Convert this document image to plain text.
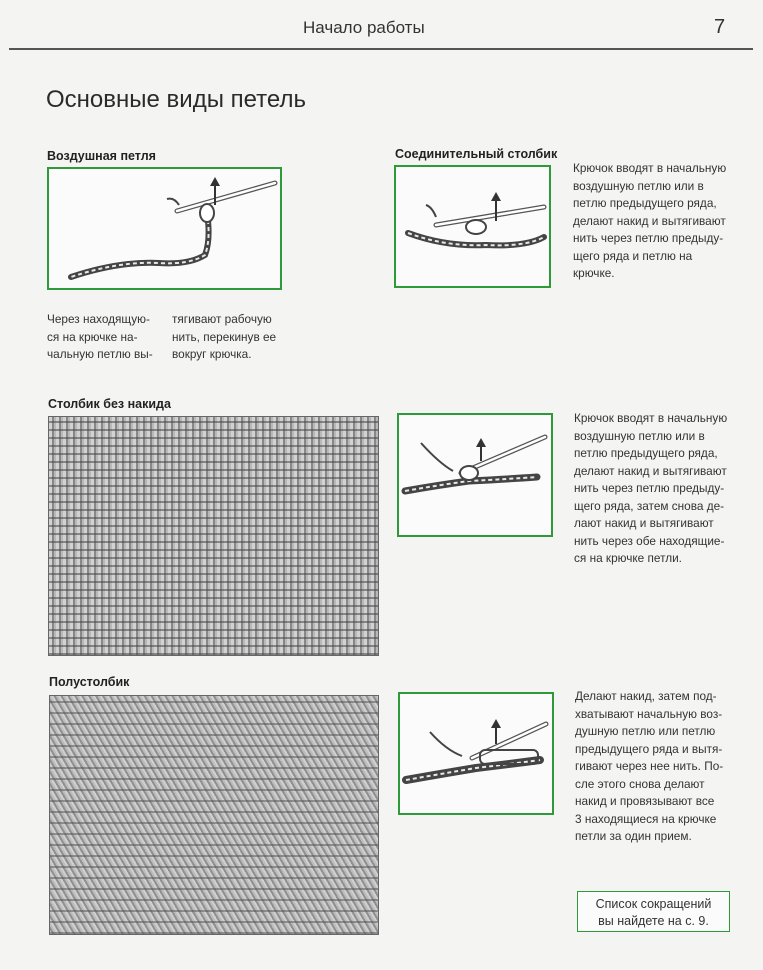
Начало работы	7
Основные виды петель
Воздушная петля
Через находящую-
ся на крючке на-
чальную петлю вы-
тягивают рабочую
нить, перекинув ее
вокруг крючка.
Соединительный столбик
Крючок вводят в начальную
воздушную петлю или в
петлю предыдущего ряда,
делают накид и вытягивают
нить через петлю предыду-
щего ряда и петлю на
крючке.
Столбик без накида
Крючок вводят в начальную
воздушную петлю или в
петлю предыдущего ряда,
делают накид и вытягивают
нить через петлю предыду-
щего ряда, затем снова де-
лают накид и вытягивают
нить через обе находящие-
ся на крючке петли.
Полустолбик
Делают накид, затем под-
хватывают начальную воз-
душную петлю или петлю
предыдущего ряда и вытя-
гивают через нее нить. По-
сле этого снова делают
накид и провязывают все
3 находящиеся на крючке
петли за один прием.
Список сокращений
вы найдете на с. 9.
